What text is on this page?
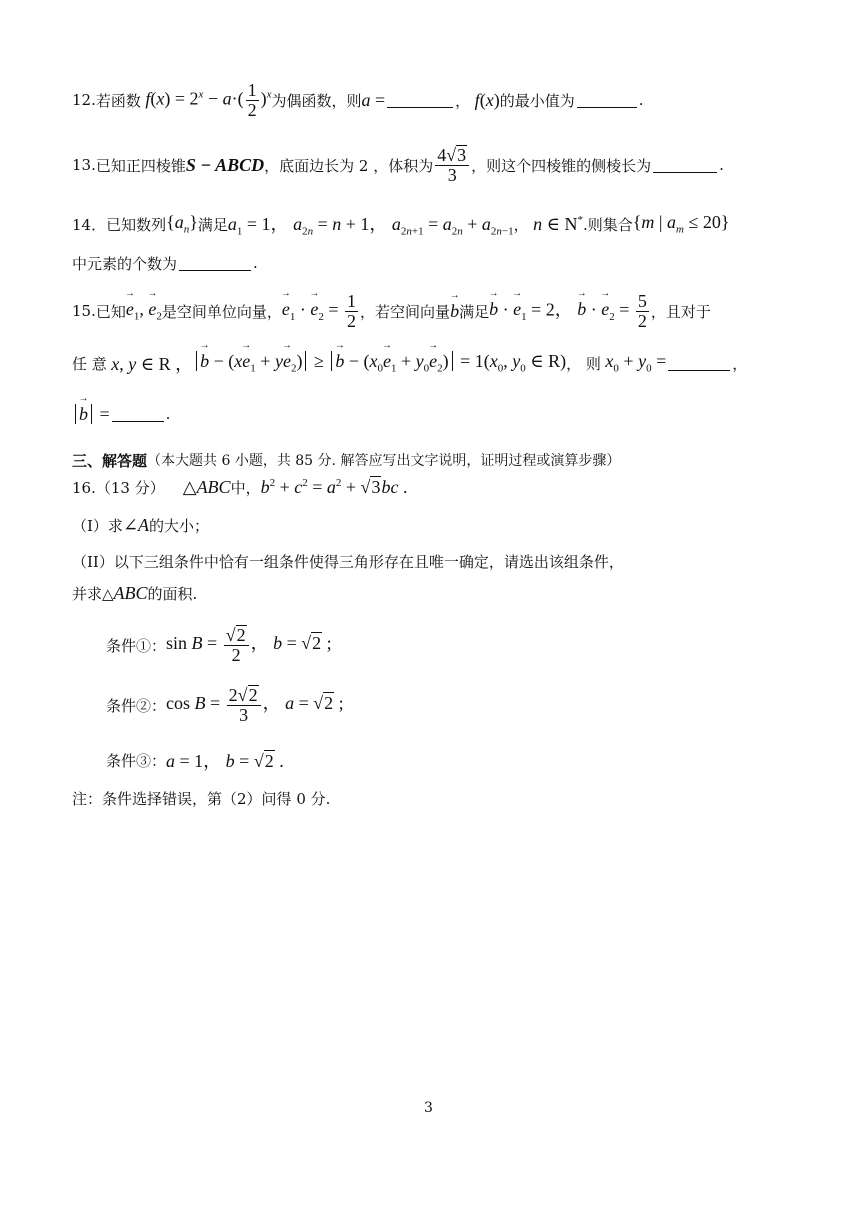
12. 若函数 $f(x) = 2^x - a\cdot( \frac{1}{2} )^x$ 为偶函数，则 a =	， f(x) 的最小值为	.
13. 已知正四棱锥 S − ABCD ，底面边长为 2 ，体积为 $\frac{4√ 3}{3}$ ，则这个四棱锥的侧棱长为	.
14． 已知数列 $\{a_n\}$ 满足 $a_1 = 1$， $a_{2n} = n + 1$， $a_{2n+1} = a_{2n} + a_{2n-1}$ ， n ∈ N* .则集合 {m | $a_m \le 20$}
中元素的个数为	.
15. 已知 → $e_1$, → $e_2$ 是空间单位向量， → $e_1$ · → $e_2 = \frac{1}{2}$ ，若空间向量 → b 满足 → b · → $e_1 = 2$， → b · → $e_2 = \frac{5}{2}$ ，且对于
任 意 x, y ∈ R ， → $b - (x\to e_1 + y\to e_2)$ ≥ → $b - (x_0\to e_1 + y_0\to e_2) = 1(x_0$, $y_0$ ∈ R) ， 则 $x_0 + y_0$ =	，
→ b =	.
三、解答题 （本大题共 6 小题，共 85 分. 解答应写出文字说明，证明过程或演算步骤）
16.（13 分） △ABC 中， $b^2 + c^2 = a^2$ + √ 3 bc .
（I）求 ∠A 的大小；
（II）以下三组条件中恰有一组条件使得三角形存在且唯一确定，请选出该组条件，
并求△ ABC 的面积.
条件①： $\sin B = \frac{√ 2}{2}$ ， b = √ 2 ;
条件②： $\cos B = \frac{2√ 2}{3}$ ， a = √ 2 ;
条件③： a = 1， b = √ 2 .
注：条件选择错误，第（2）问得 0 分.
3
